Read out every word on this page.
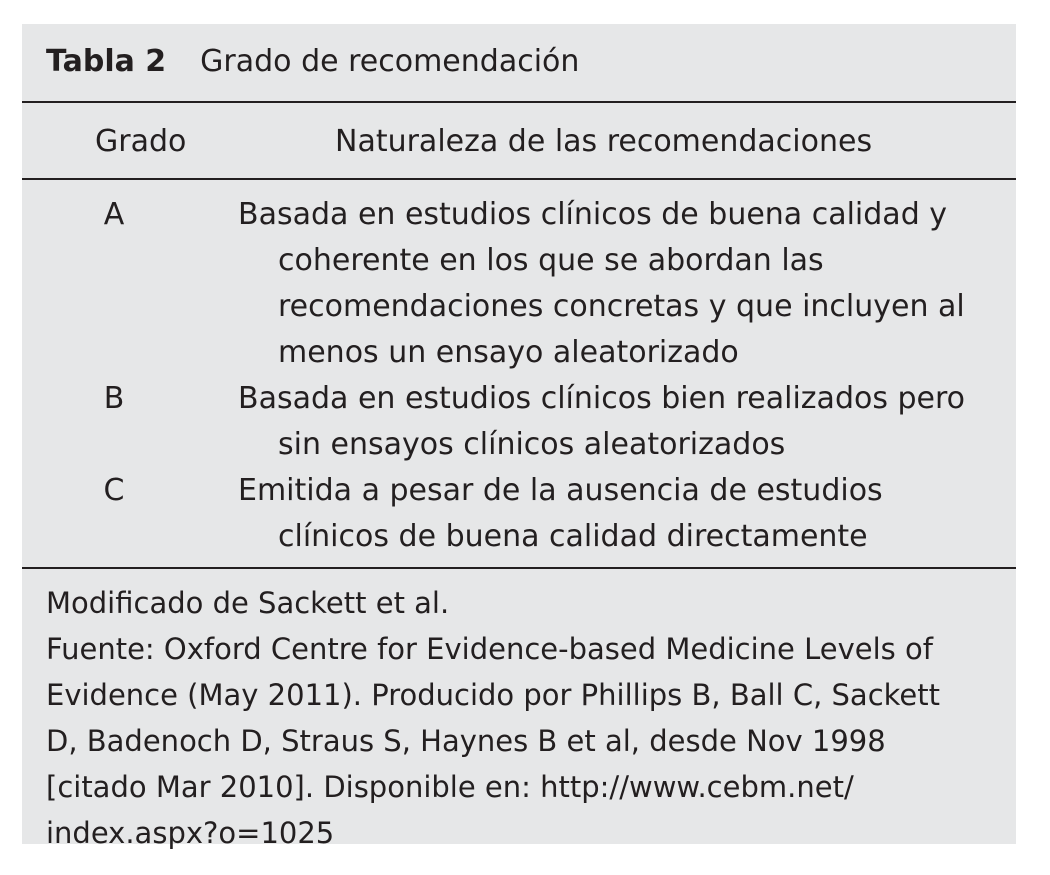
Tabla 2 Grado de recomendación
Grado	Naturaleza de las recomendaciones
A	Basada en estudios clínicos de buena calidad y coherente en los que se abordan las recomendaciones concretas y que incluyen al menos un ensayo aleatorizado
B	Basada en estudios clínicos bien realizados pero sin ensayos clínicos aleatorizados
C	Emitida a pesar de la ausencia de estudios clínicos de buena calidad directamente
Modificado de Sackett et al.
Fuente: Oxford Centre for Evidence-based Medicine Levels of
Evidence (May 2011). Producido por Phillips B, Ball C, Sackett
D, Badenoch D, Straus S, Haynes B et al, desde Nov 1998
[citado Mar 2010]. Disponible en: http://www.cebm.net/
index.aspx?o=1025
